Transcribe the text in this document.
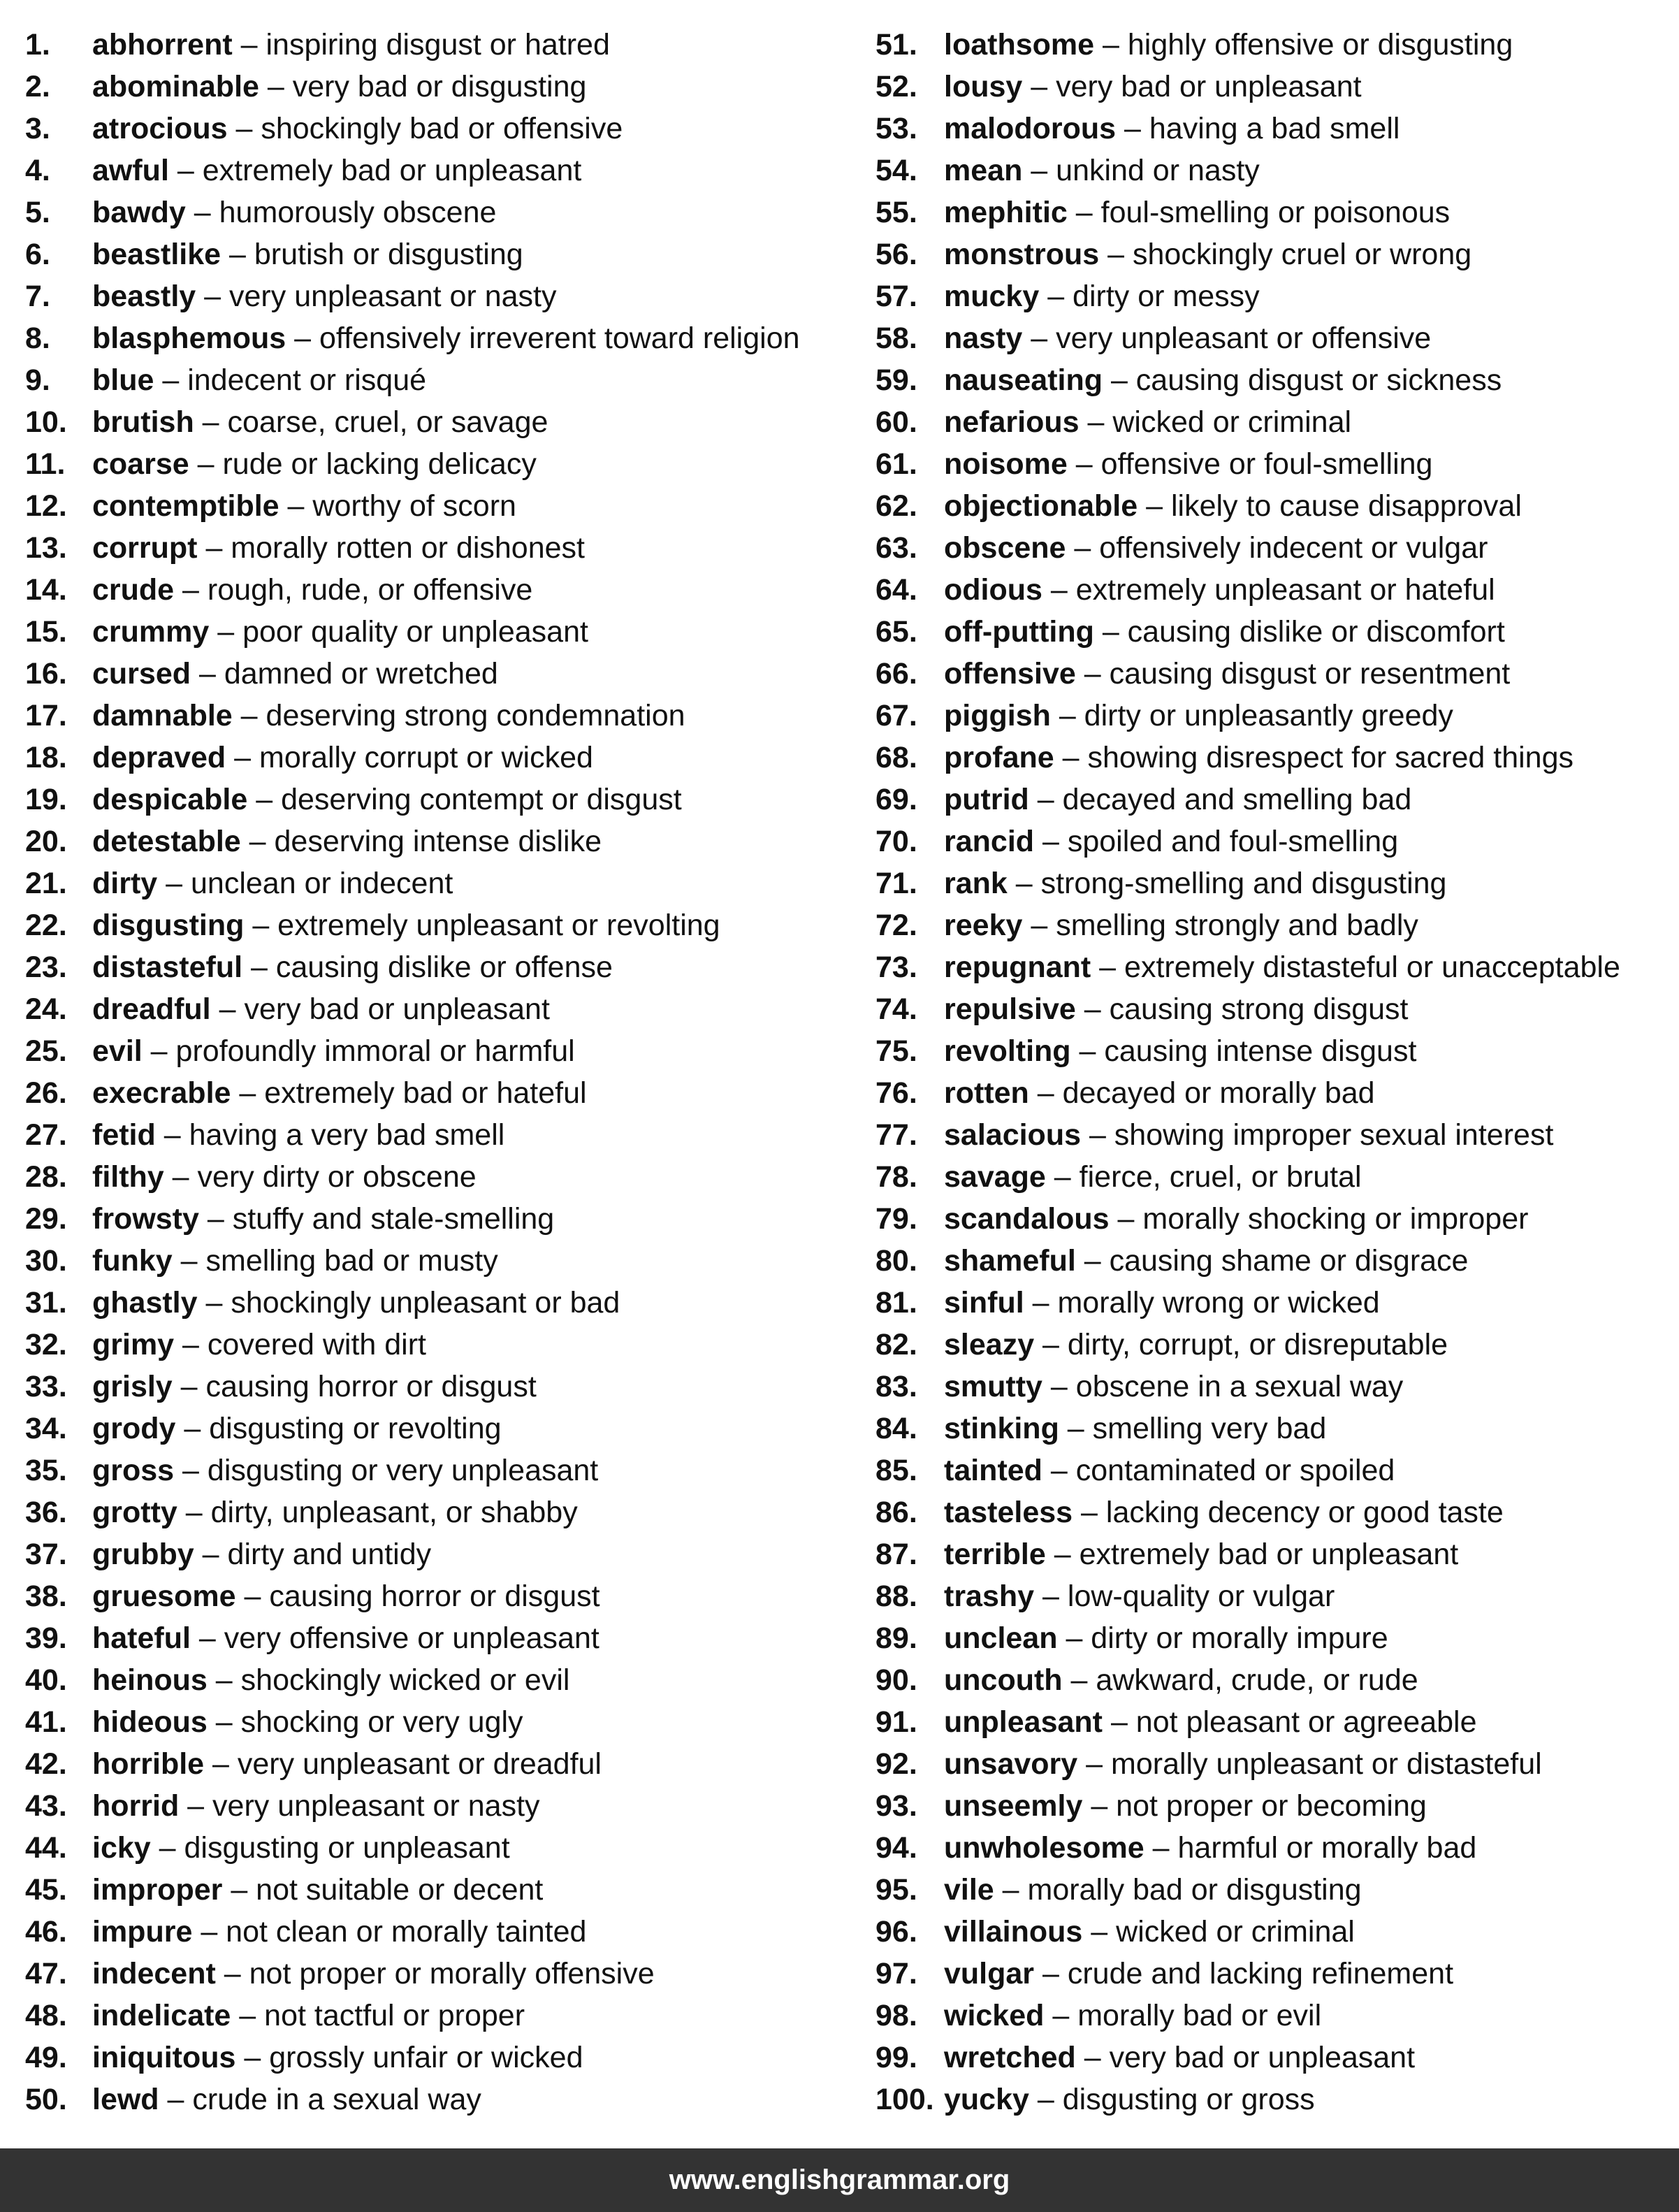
1. abhorrent – inspiring disgust or hatred
2. abominable – very bad or disgusting
3. atrocious – shockingly bad or offensive
4. awful – extremely bad or unpleasant
5. bawdy – humorously obscene
6. beastlike – brutish or disgusting
7. beastly – very unpleasant or nasty
8. blasphemous – offensively irreverent toward religion
9. blue – indecent or risqué
10. brutish – coarse, cruel, or savage
11. coarse – rude or lacking delicacy
12. contemptible – worthy of scorn
13. corrupt – morally rotten or dishonest
14. crude – rough, rude, or offensive
15. crummy – poor quality or unpleasant
16. cursed – damned or wretched
17. damnable – deserving strong condemnation
18. depraved – morally corrupt or wicked
19. despicable – deserving contempt or disgust
20. detestable – deserving intense dislike
21. dirty – unclean or indecent
22. disgusting – extremely unpleasant or revolting
23. distasteful – causing dislike or offense
24. dreadful – very bad or unpleasant
25. evil – profoundly immoral or harmful
26. execrable – extremely bad or hateful
27. fetid – having a very bad smell
28. filthy – very dirty or obscene
29. frowsty – stuffy and stale-smelling
30. funky – smelling bad or musty
31. ghastly – shockingly unpleasant or bad
32. grimy – covered with dirt
33. grisly – causing horror or disgust
34. grody – disgusting or revolting
35. gross – disgusting or very unpleasant
36. grotty – dirty, unpleasant, or shabby
37. grubby – dirty and untidy
38. gruesome – causing horror or disgust
39. hateful – very offensive or unpleasant
40. heinous – shockingly wicked or evil
41. hideous – shocking or very ugly
42. horrible – very unpleasant or dreadful
43. horrid – very unpleasant or nasty
44. icky – disgusting or unpleasant
45. improper – not suitable or decent
46. impure – not clean or morally tainted
47. indecent – not proper or morally offensive
48. indelicate – not tactful or proper
49. iniquitous – grossly unfair or wicked
50. lewd – crude in a sexual way
51. loathsome – highly offensive or disgusting
52. lousy – very bad or unpleasant
53. malodorous – having a bad smell
54. mean – unkind or nasty
55. mephitic – foul-smelling or poisonous
56. monstrous – shockingly cruel or wrong
57. mucky – dirty or messy
58. nasty – very unpleasant or offensive
59. nauseating – causing disgust or sickness
60. nefarious – wicked or criminal
61. noisome – offensive or foul-smelling
62. objectionable – likely to cause disapproval
63. obscene – offensively indecent or vulgar
64. odious – extremely unpleasant or hateful
65. off-putting – causing dislike or discomfort
66. offensive – causing disgust or resentment
67. piggish – dirty or unpleasantly greedy
68. profane – showing disrespect for sacred things
69. putrid – decayed and smelling bad
70. rancid – spoiled and foul-smelling
71. rank – strong-smelling and disgusting
72. reeky – smelling strongly and badly
73. repugnant – extremely distasteful or unacceptable
74. repulsive – causing strong disgust
75. revolting – causing intense disgust
76. rotten – decayed or morally bad
77. salacious – showing improper sexual interest
78. savage – fierce, cruel, or brutal
79. scandalous – morally shocking or improper
80. shameful – causing shame or disgrace
81. sinful – morally wrong or wicked
82. sleazy – dirty, corrupt, or disreputable
83. smutty – obscene in a sexual way
84. stinking – smelling very bad
85. tainted – contaminated or spoiled
86. tasteless – lacking decency or good taste
87. terrible – extremely bad or unpleasant
88. trashy – low-quality or vulgar
89. unclean – dirty or morally impure
90. uncouth – awkward, crude, or rude
91. unpleasant – not pleasant or agreeable
92. unsavory – morally unpleasant or distasteful
93. unseemly – not proper or becoming
94. unwholesome – harmful or morally bad
95. vile – morally bad or disgusting
96. villainous – wicked or criminal
97. vulgar – crude and lacking refinement
98. wicked – morally bad or evil
99. wretched – very bad or unpleasant
100. yucky – disgusting or gross
www.englishgrammar.org
